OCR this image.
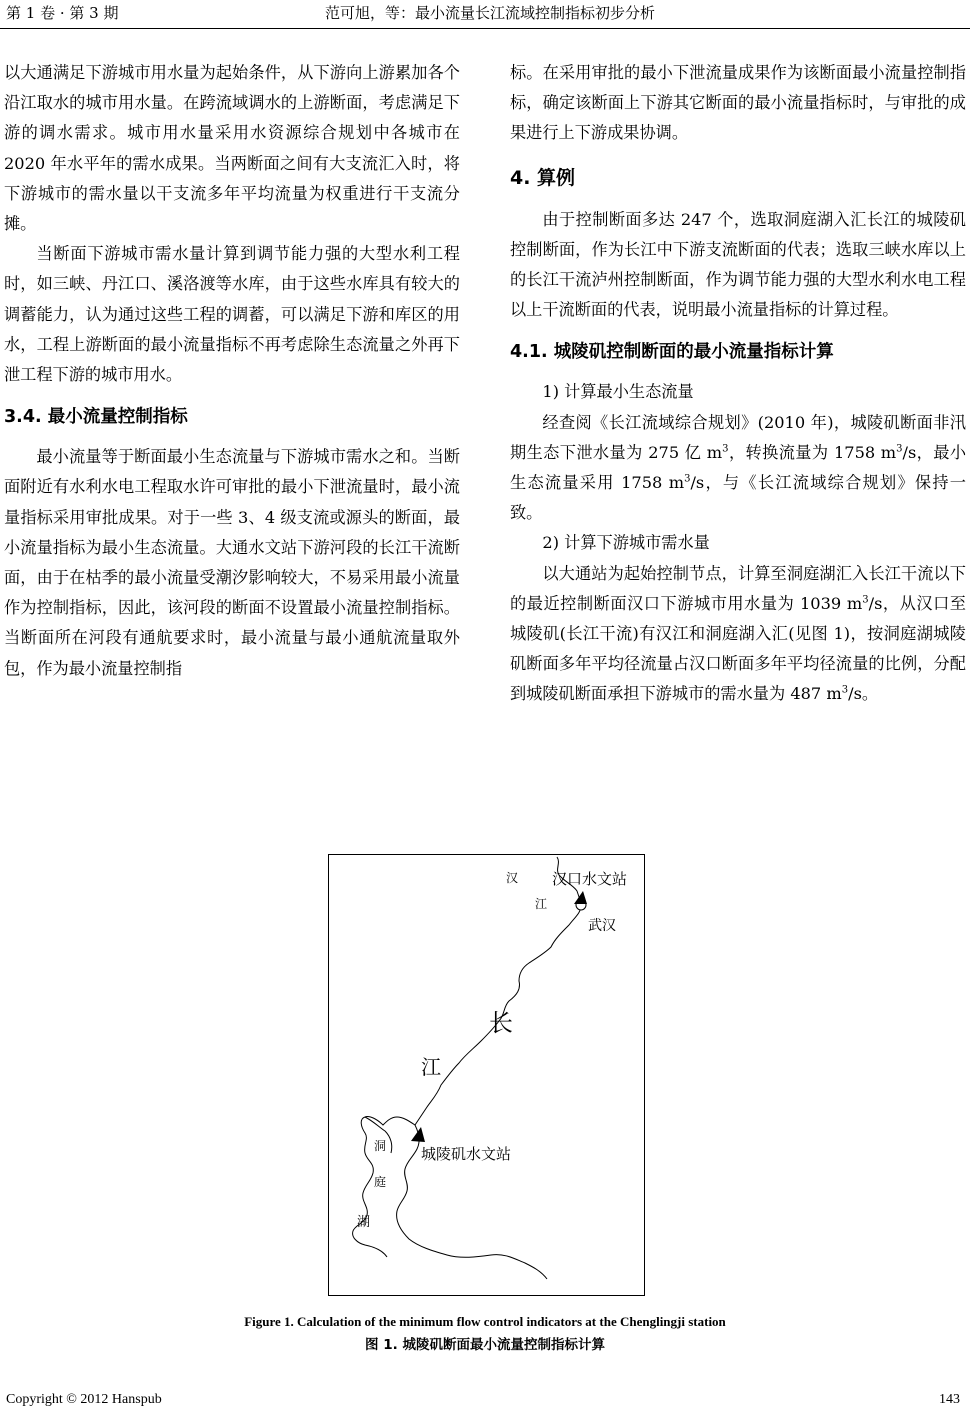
第 1 卷 · 第 3 期	范可旭，等：最小流量长江流域控制指标初步分析

以大通满足下游城市用水量为起始条件，从下游向上游累加各个沿江取水的城市用水量。在跨流域调水的上游断面，考虑满足下游的调水需求。城市用水量采用水资源综合规划中各城市在 2020 年水平年的需水成果。当两断面之间有大支流汇入时，将下游城市的需水量以干支流多年平均流量为权重进行干支流分摊。

当断面下游城市需水量计算到调节能力强的大型水利工程时，如三峡、丹江口、溪洛渡等水库，由于这些水库具有较大的调蓄能力，认为通过这些工程的调蓄，可以满足下游和库区的用水，工程上游断面的最小流量指标不再考虑除生态流量之外再下泄工程下游的城市用水。

3.4. 最小流量控制指标

最小流量等于断面最小生态流量与下游城市需水之和。当断面附近有水利水电工程取水许可审批的最小下泄流量时，最小流量指标采用审批成果。对于一些 3、4 级支流或源头的断面，最小流量指标为最小生态流量。大通水文站下游河段的长江干流断面，由于在枯季的最小流量受潮汐影响较大，不易采用最小流量作为控制指标，因此，该河段的断面不设置最小流量控制指标。当断面所在河段有通航要求时，最小流量与最小通航流量取外包，作为最小流量控制指

标。在采用审批的最小下泄流量成果作为该断面最小流量控制指标，确定该断面上下游其它断面的最小流量指标时，与审批的成果进行上下游成果协调。

4. 算例

由于控制断面多达 247 个，选取洞庭湖入汇长江的城陵矶控制断面，作为长江中下游支流断面的代表；选取三峡水库以上的长江干流泸州控制断面，作为调节能力强的大型水利水电工程以上干流断面的代表，说明最小流量指标的计算过程。

4.1. 城陵矶控制断面的最小流量指标计算

1) 计算最小生态流量

经查阅《长江流域综合规划》(2010 年)，城陵矶断面非汛期生态下泄水量为 275 亿 $m^3$，转换流量为 1758 $m^3/s$，最小生态流量采用 1758 $m^3/s$，与《长江流域综合规划》保持一致。

2) 计算下游城市需水量

以大通站为起始控制节点，计算至洞庭湖汇入长江干流以下的最近控制断面汉口下游城市用水量为 1039 $m^3/s$，从汉口至城陵矶(长江干流)有汉江和洞庭湖入汇(见图 1)，按洞庭湖城陵矶断面多年平均径流量占汉口断面多年平均径流量的比例，分配到城陵矶断面承担下游城市的需水量为 487 $m^3/s$。

汉
江
汉口水文站
武汉
长
江
城陵矶水文站
洞
庭
湖
Figure 1. Calculation of the minimum flow control indicators at the Chenglingji station
图 1. 城陵矶断面最小流量控制指标计算
Copyright © 2012 Hanspub	143
